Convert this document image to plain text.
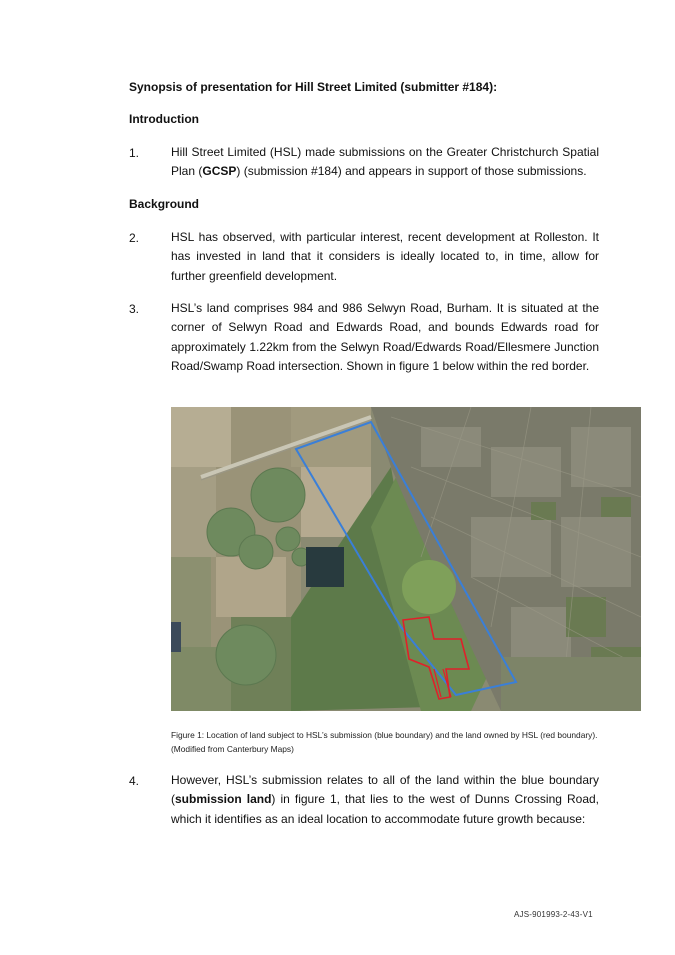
Synopsis of presentation for Hill Street Limited (submitter #184):
Introduction
1.	Hill Street Limited (HSL) made submissions on the Greater Christchurch Spatial Plan (GCSP) (submission #184) and appears in support of those submissions.
Background
2.	HSL has observed, with particular interest, recent development at Rolleston. It has invested in land that it considers is ideally located to, in time, allow for further greenfield development.
3.	HSL’s land comprises 984 and 986 Selwyn Road, Burham. It is situated at the corner of Selwyn Road and Edwards Road, and bounds Edwards road for approximately 1.22km from the Selwyn Road/Edwards Road/Ellesmere Junction Road/Swamp Road intersection. Shown in figure 1 below within the red border.
Figure 1: Location of land subject to HSL’s submission (blue boundary) and the land owned by HSL (red boundary). (Modified from Canterbury Maps)
4.	However, HSL’s submission relates to all of the land within the blue boundary (submission land) in figure 1, that lies to the west of Dunns Crossing Road, which it identifies as an ideal location to accommodate future growth because:
AJS-901993-2-43-V1
